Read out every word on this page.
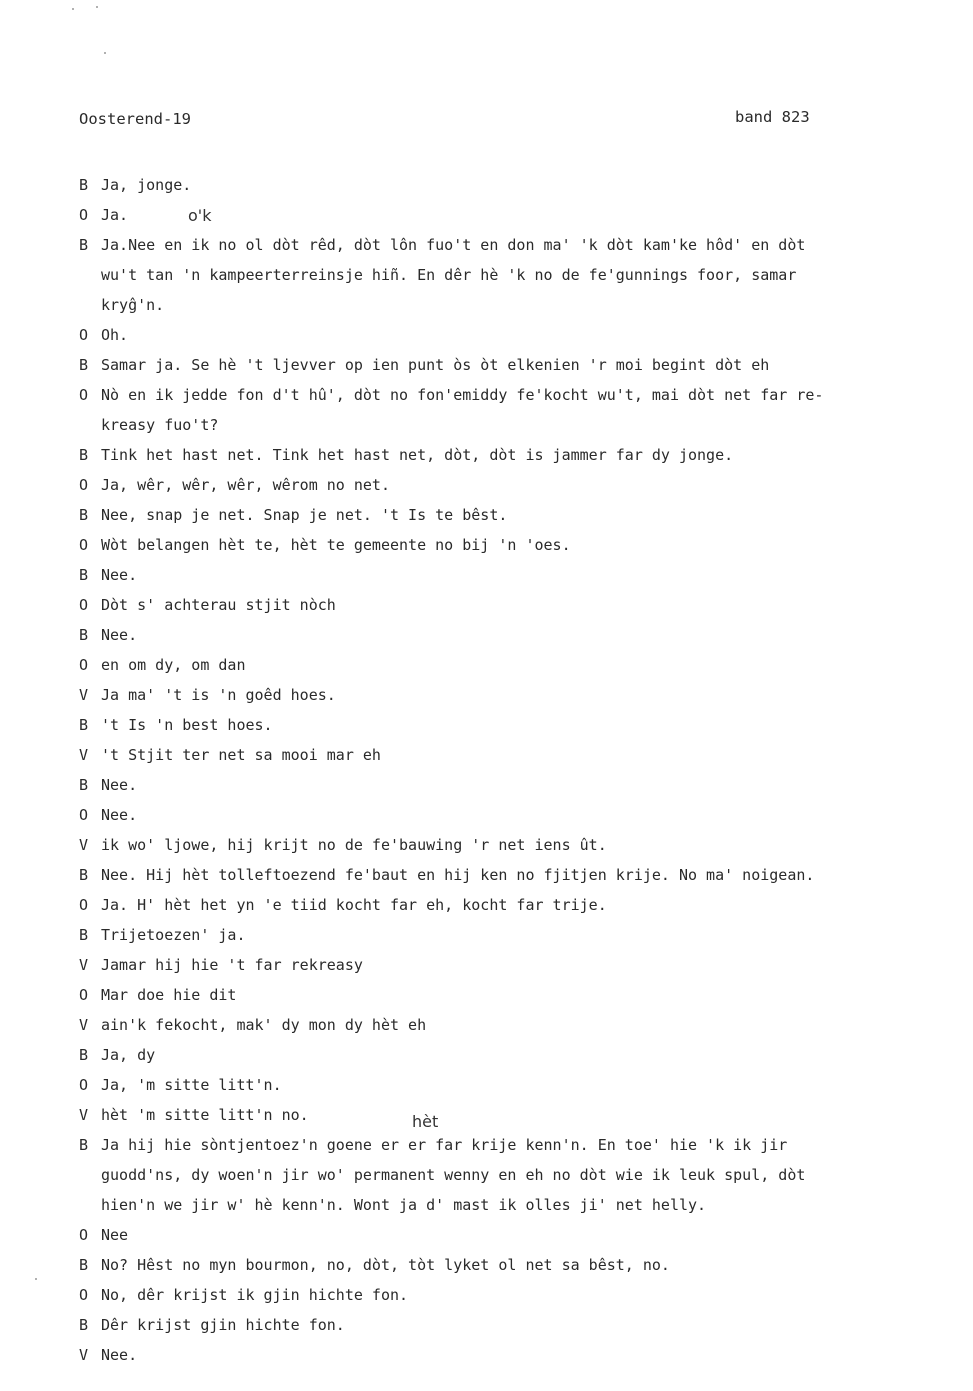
Oosterend-19	band 823
o'k
hèt
B Ja, jonge.
O Ja.
B Ja.Nee en ik no ol dòt rêd, dòt lôn fuo't en don ma' 'k dòt kam'ke hôd' en dòt
wu't tan 'n kampeerterreinsje hiñ. En dêr hè 'k no de fe'gunnings foor, samar
kryĝ'n.
O Oh.
B Samar ja. Se hè 't ljevver op ien punt òs òt elkenien 'r moi begint dòt eh
O Nò en ik jedde fon d't hû', dòt no fon'emiddy fe'kocht wu't, mai dòt net far re-
kreasy fuo't?
B Tink het hast net. Tink het hast net, dòt, dòt is jammer far dy jonge.
O Ja, wêr, wêr, wêr, wêrom no net.
B Nee, snap je net. Snap je net. 't Is te bêst.
O Wòt belangen hèt te, hèt te gemeente no bij 'n 'oes.
B Nee.
O Dòt s' achterau stjit nòch
B Nee.
O en om dy, om dan
V Ja ma' 't is 'n goêd hoes.
B 't Is 'n best hoes.
V 't Stjit ter net sa mooi mar eh
B Nee.
O Nee.
V ik wo' ljowe, hij krijt no de fe'bauwing 'r net iens ût.
B Nee. Hij hèt tolleftoezend fe'baut en hij ken no fjitjen krije. No ma' noigean.
O Ja. H' hèt het yn 'e tiid kocht far eh, kocht far trije.
B Trijetoezen' ja.
V Jamar hij hie 't far rekreasy
O Mar doe hie dit
V ain'k fekocht, mak' dy mon dy hèt eh
B Ja, dy
O Ja, 'm sitte litt'n.
V hèt 'm sitte litt'n no.
B Ja hij hie sòntjentoez'n goene er er far krije kenn'n. En toe' hie 'k ik jir
guodd'ns, dy woen'n jir wo' permanent wenny en eh no dòt wie ik leuk spul, dòt
hien'n we jir w' hè kenn'n. Wont ja d' mast ik olles ji' net helly.
O Nee
B No? Hêst no myn bourmon, no, dòt, tòt lyket ol net sa bêst, no.
O No, dêr krijst ik gjin hichte fon.
B Dêr krijst gjin hichte fon.
V Nee.
